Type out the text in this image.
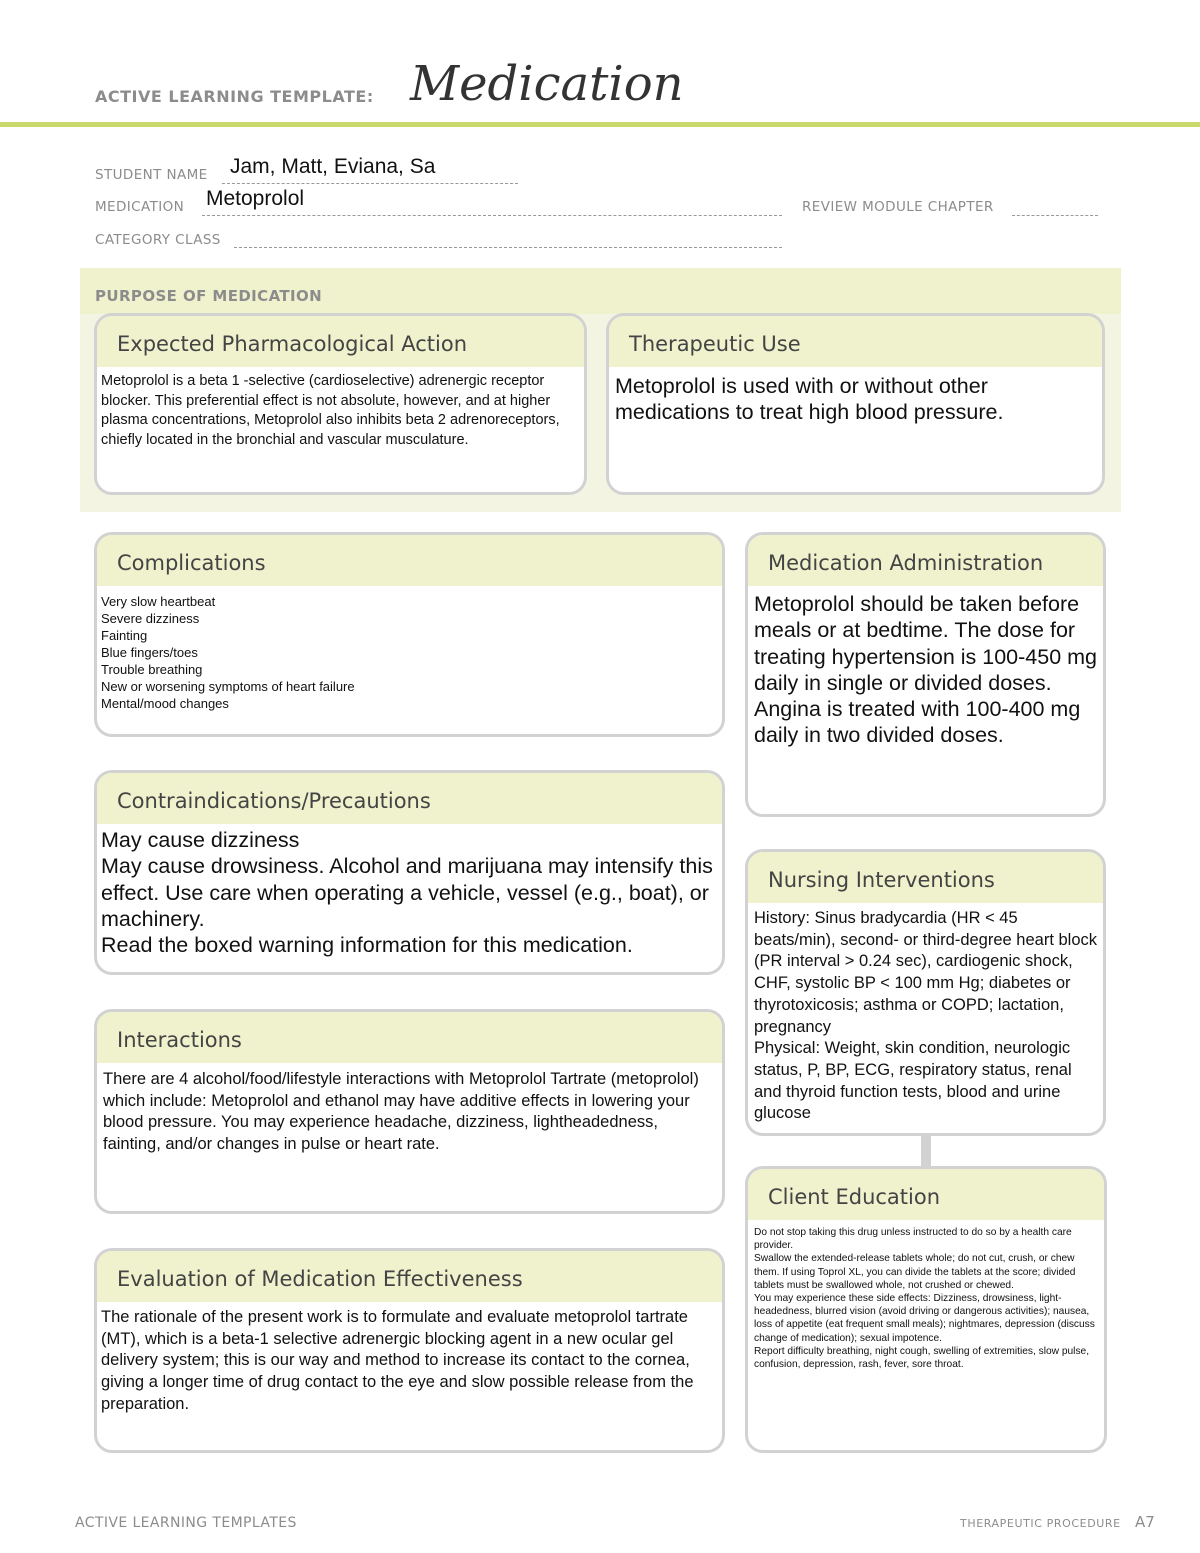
ACTIVE LEARNING TEMPLATE: Medication
STUDENT NAME Jam, Matt, Eviana, Sa
MEDICATION Metoprolol	REVIEW MODULE CHAPTER
CATEGORY CLASS
PURPOSE OF MEDICATION
Expected Pharmacological Action
Metoprolol is a beta 1 -selective (cardioselective) adrenergic receptor blocker. This preferential effect is not absolute, however, and at higher plasma concentrations, Metoprolol also inhibits beta 2 adrenoreceptors, chiefly located in the bronchial and vascular musculature.
Therapeutic Use
Metoprolol is used with or without other medications to treat high blood pressure.
Complications
Very slow heartbeat
Severe dizziness
Fainting
Blue fingers/toes
Trouble breathing
New or worsening symptoms of heart failure
Mental/mood changes
Medication Administration
Metoprolol should be taken before meals or at bedtime. The dose for treating hypertension is 100-450 mg daily in single or divided doses. Angina is treated with 100-400 mg daily in two divided doses.
Contraindications/Precautions
May cause dizziness
May cause drowsiness. Alcohol and marijuana may intensify this effect. Use care when operating a vehicle, vessel (e.g., boat), or machinery.
Read the boxed warning information for this medication.
Nursing Interventions
History: Sinus bradycardia (HR < 45 beats/min), second- or third-degree heart block (PR interval > 0.24 sec), cardiogenic shock, CHF, systolic BP < 100 mm Hg; diabetes or thyrotoxicosis; asthma or COPD; lactation, pregnancy
Physical: Weight, skin condition, neurologic status, P, BP, ECG, respiratory status, renal and thyroid function tests, blood and urine glucose
Interactions
There are 4 alcohol/food/lifestyle interactions with Metoprolol Tartrate (metoprolol) which include: Metoprolol and ethanol may have additive effects in lowering your blood pressure. You may experience headache, dizziness, lightheadedness, fainting, and/or changes in pulse or heart rate.
Client Education
Do not stop taking this drug unless instructed to do so by a health care provider.
Swallow the extended-release tablets whole; do not cut, crush, or chew them. If using Toprol XL, you can divide the tablets at the score; divided tablets must be swallowed whole, not crushed or chewed.
You may experience these side effects: Dizziness, drowsiness, light-headedness, blurred vision (avoid driving or dangerous activities); nausea, loss of appetite (eat frequent small meals); nightmares, depression (discuss change of medication); sexual impotence.
Report difficulty breathing, night cough, swelling of extremities, slow pulse, confusion, depression, rash, fever, sore throat.
Evaluation of Medication Effectiveness
The rationale of the present work is to formulate and evaluate metoprolol tartrate (MT), which is a beta-1 selective adrenergic blocking agent in a new ocular gel delivery system; this is our way and method to increase its contact to the cornea, giving a longer time of drug contact to the eye and slow possible release from the preparation.
ACTIVE LEARNING TEMPLATES	THERAPEUTIC PROCEDURE A7
